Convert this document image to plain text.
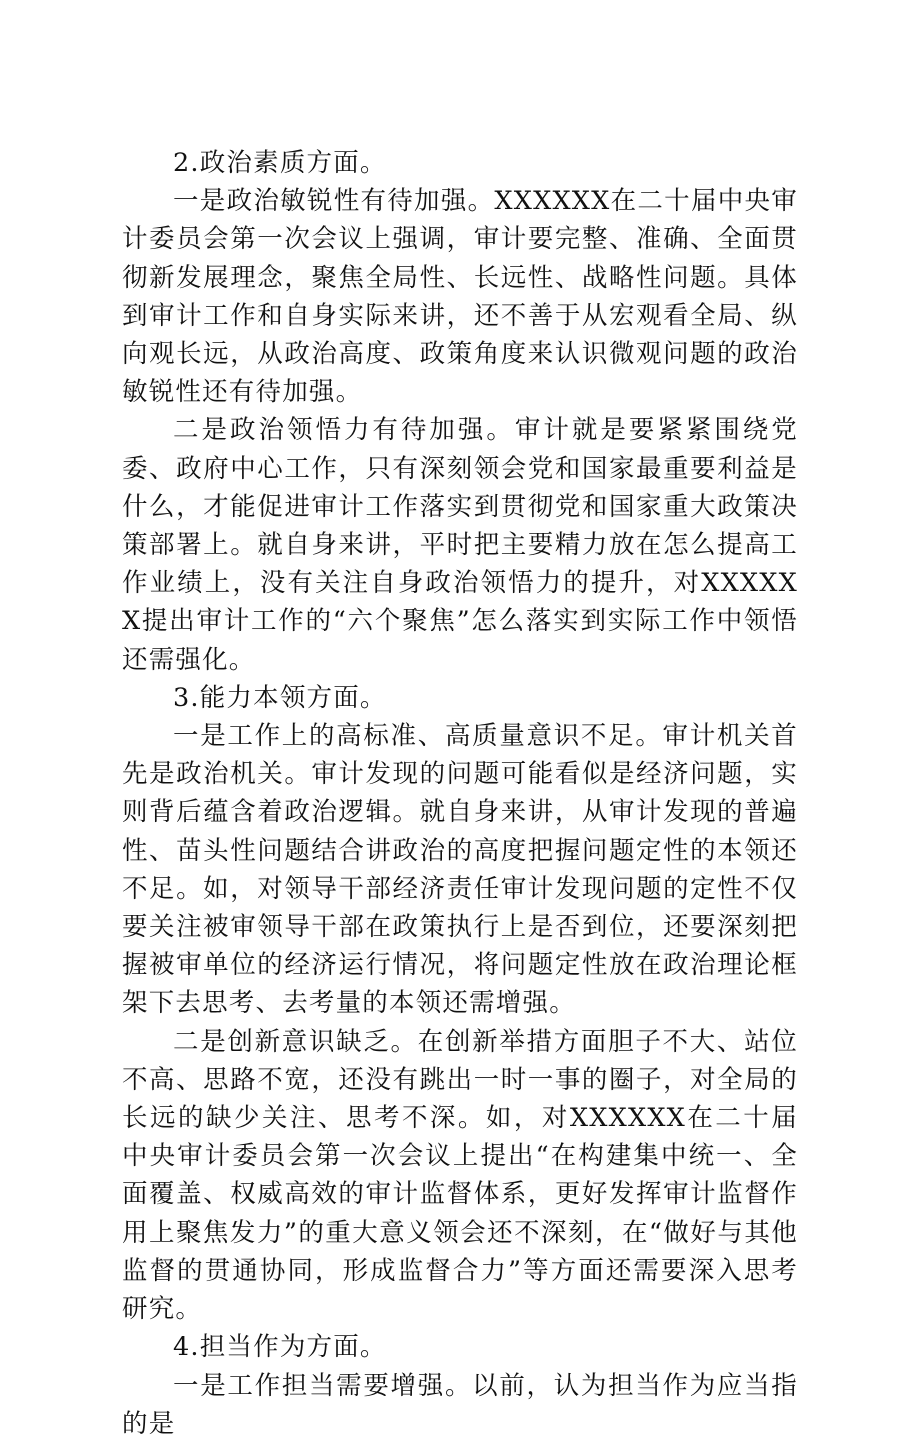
2.政治素质方面。

一是政治敏锐性有待加强。XXXXXX在二十届中央审计委员会第一次会议上强调，审计要完整、准确、全面贯彻新发展理念，聚焦全局性、长远性、战略性问题。具体到审计工作和自身实际来讲，还不善于从宏观看全局、纵向观长远，从政治高度、政策角度来认识微观问题的政治敏锐性还有待加强。

二是政治领悟力有待加强。审计就是要紧紧围绕党委、政府中心工作，只有深刻领会党和国家最重要利益是什么，才能促进审计工作落实到贯彻党和国家重大政策决策部署上。就自身来讲，平时把主要精力放在怎么提高工作业绩上，没有关注自身政治领悟力的提升，对XXXXXX提出审计工作的“六个聚焦”怎么落实到实际工作中领悟还需强化。

3.能力本领方面。

一是工作上的高标准、高质量意识不足。审计机关首先是政治机关。审计发现的问题可能看似是经济问题，实则背后蕴含着政治逻辑。就自身来讲，从审计发现的普遍性、苗头性问题结合讲政治的高度把握问题定性的本领还不足。如，对领导干部经济责任审计发现问题的定性不仅要关注被审领导干部在政策执行上是否到位，还要深刻把握被审单位的经济运行情况，将问题定性放在政治理论框架下去思考、去考量的本领还需增强。

二是创新意识缺乏。在创新举措方面胆子不大、站位不高、思路不宽，还没有跳出一时一事的圈子，对全局的长远的缺少关注、思考不深。如，对XXXXXX在二十届中央审计委员会第一次会议上提出“在构建集中统一、全面覆盖、权威高效的审计监督体系，更好发挥审计监督作用上聚焦发力”的重大意义领会还不深刻，在“做好与其他监督的贯通协同，形成监督合力”等方面还需要深入思考研究。

4.担当作为方面。

一是工作担当需要增强。以前，认为担当作为应当指的是
